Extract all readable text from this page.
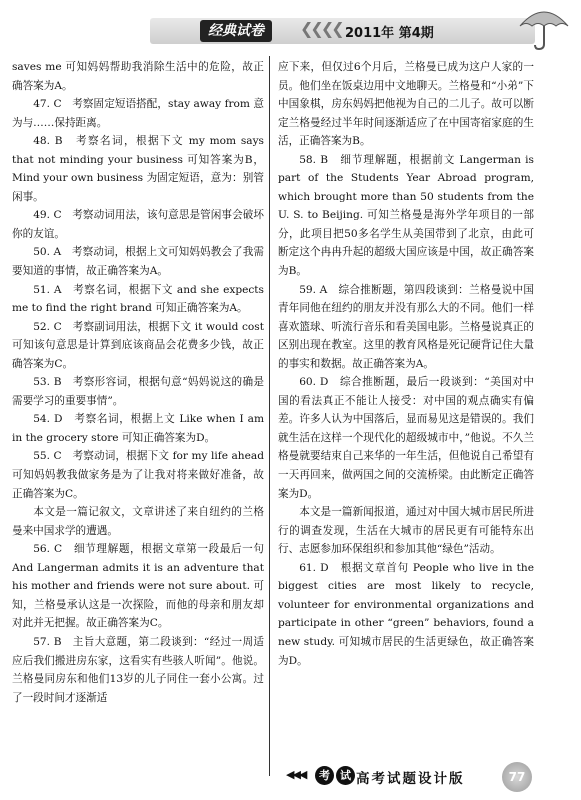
经典试卷	❮❮❮❮ 2011年 第4期

saves me 可知妈妈帮助我消除生活中的危险，故正确答案为A。

47. C　考察固定短语搭配，stay away from 意为与……保持距离。

48. B　考察名词，根据下文 my mom says that not minding your business 可知答案为B，Mind your own business 为固定短语，意为：别管闲事。

49. C　考察动词用法，该句意思是管闲事会破坏你的友谊。

50. A　考察动词，根据上文可知妈妈教会了我需要知道的事情，故正确答案为A。

51. A　考察名词，根据下文 and she expects me to find the right brand 可知正确答案为A。

52. C　考察副词用法，根据下文 it would cost 可知该句意思是计算到底该商品会花费多少钱，故正确答案为C。

53. B　考察形容词，根据句意“妈妈说这的确是需要学习的重要事情”。

54. D　考察名词，根据上文 Like when I am in the grocery store 可知正确答案为D。

55. C　考察动词，根据下文 for my life ahead 可知妈妈教我做家务是为了让我对将来做好准备，故正确答案为C。

本文是一篇记叙文，文章讲述了来自纽约的兰格曼来中国求学的遭遇。

56. C　细节理解题，根据文章第一段最后一句 And Langerman admits it is an adventure that his mother and friends were not sure about. 可知，兰格曼承认这是一次探险，而他的母亲和朋友却对此并无把握。故正确答案为C。

57. B　主旨大意题，第二段谈到：“经过一周适应后我们搬进房东家，这看实有些骇人听闻”。他说。兰格曼同房东和他们13岁的儿子同住一套小公寓。过了一段时间才逐渐适

应下来，但仅过6个月后，兰格曼已成为这户人家的一员。他们坐在饭桌边用中文地聊天。兰格曼和“小弟”下中国象棋，房东妈妈把他视为自己的二儿子。故可以断定兰格曼经过半年时间逐渐适应了在中国寄宿家庭的生活，正确答案为B。

58. B　细节理解题，根据前文 Langerman is part of the Students Year Abroad program, which brought more than 50 students from the U. S. to Beijing. 可知兰格曼是海外学年项目的一部分，此项目把50多名学生从美国带到了北京，由此可断定这个冉冉升起的超级大国应该是中国，故正确答案为B。

59. A　综合推断题，第四段谈到：兰格曼说中国青年同他在纽约的朋友并没有那么大的不同。他们一样喜欢篮球、听流行音乐和看美国电影。兰格曼说真正的区别出现在教室。这里的教育风格是死记硬背记住大量的事实和数据。故正确答案为A。

60. D　综合推断题，最后一段谈到：“美国对中国的看法真正不能让人接受：对中国的观点确实有偏差。许多人认为中国落后，显而易见这是错误的。我们就生活在这样一个现代化的超级城市中，”他说。不久兰格曼就要结束自己来华的一年生活，但他说自己希望有一天再回来，做两国之间的交流桥梁。由此断定正确答案为D。

本文是一篇新闻报道，通过对中国大城市居民所进行的调查发现，生活在大城市的居民更有可能特东出行、志愿参加环保组织和参加其他“绿色”活动。

61. D　根据文章首句 People who live in the biggest cities are most likely to recycle, volunteer for environmental organizations and participate in other “green” behaviors, found a new study. 可知城市居民的生活更绿色，故正确答案为D。

◀◀◀	考 试 高考试题设计版	77
